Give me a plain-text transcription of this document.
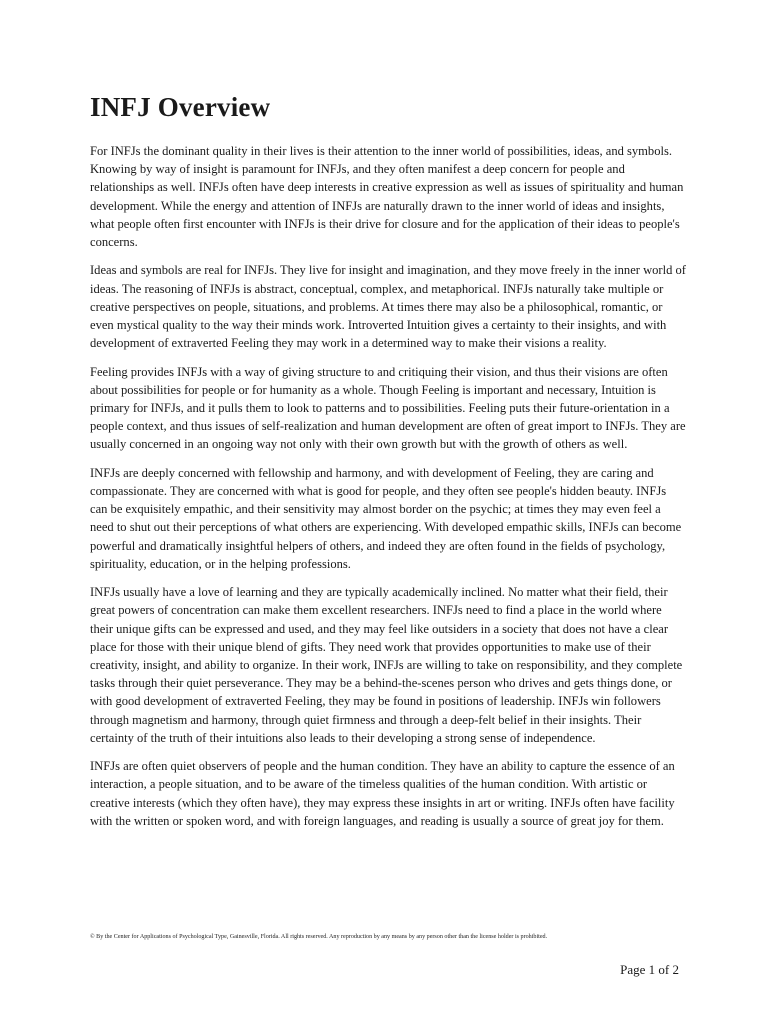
INFJ Overview

For INFJs the dominant quality in their lives is their attention to the inner world of possibilities, ideas, and symbols. Knowing by way of insight is paramount for INFJs, and they often manifest a deep concern for people and relationships as well. INFJs often have deep interests in creative expression as well as issues of spirituality and human development. While the energy and attention of INFJs are naturally drawn to the inner world of ideas and insights, what people often first encounter with INFJs is their drive for closure and for the application of their ideas to people's concerns.

Ideas and symbols are real for INFJs. They live for insight and imagination, and they move freely in the inner world of ideas. The reasoning of INFJs is abstract, conceptual, complex, and metaphorical. INFJs naturally take multiple or creative perspectives on people, situations, and problems. At times there may also be a philosophical, romantic, or even mystical quality to the way their minds work. Introverted Intuition gives a certainty to their insights, and with development of extraverted Feeling they may work in a determined way to make their visions a reality.

Feeling provides INFJs with a way of giving structure to and critiquing their vision, and thus their visions are often about possibilities for people or for humanity as a whole. Though Feeling is important and necessary, Intuition is primary for INFJs, and it pulls them to look to patterns and to possibilities. Feeling puts their future-orientation in a people context, and thus issues of self-realization and human development are often of great import to INFJs. They are usually concerned in an ongoing way not only with their own growth but with the growth of others as well.

INFJs are deeply concerned with fellowship and harmony, and with development of Feeling, they are caring and compassionate. They are concerned with what is good for people, and they often see people's hidden beauty. INFJs can be exquisitely empathic, and their sensitivity may almost border on the psychic; at times they may even feel a need to shut out their perceptions of what others are experiencing. With developed empathic skills, INFJs can become powerful and dramatically insightful helpers of others, and indeed they are often found in the fields of psychology, spirituality, education, or in the helping professions.

INFJs usually have a love of learning and they are typically academically inclined. No matter what their field, their great powers of concentration can make them excellent researchers. INFJs need to find a place in the world where their unique gifts can be expressed and used, and they may feel like outsiders in a society that does not have a clear place for those with their unique blend of gifts. They need work that provides opportunities to make use of their creativity, insight, and ability to organize. In their work, INFJs are willing to take on responsibility, and they complete tasks through their quiet perseverance. They may be a behind-the-scenes person who drives and gets things done, or with good development of extraverted Feeling, they may be found in positions of leadership. INFJs win followers through magnetism and harmony, through quiet firmness and through a deep-felt belief in their insights. Their certainty of the truth of their intuitions also leads to their developing a strong sense of independence.

INFJs are often quiet observers of people and the human condition. They have an ability to capture the essence of an interaction, a people situation, and to be aware of the timeless qualities of the human condition. With artistic or creative interests (which they often have), they may express these insights in art or writing. INFJs often have facility with the written or spoken word, and with foreign languages, and reading is usually a source of great joy for them.

© By the Center for Applications of Psychological Type, Gainesville, Florida. All rights reserved. Any reproduction by any means by any person other than the license holder is prohibited.
Page 1 of 2
